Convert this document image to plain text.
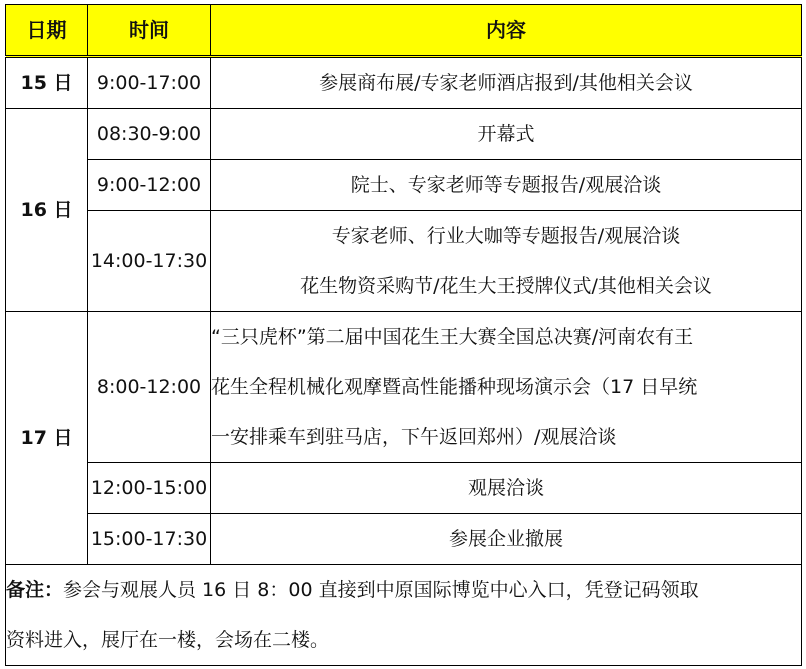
日期	时间	内容
15 日	9:00-17:00	参展商布展/专家老师酒店报到/其他相关会议

16 日	08:30-9:00	开幕式

	9:00-12:00	院士、专家老师等专题报告/观展洽谈

	14:00-17:30	专家老师、行业大咖等专题报告/观展洽谈
花生物资采购节/花生大王授牌仪式/其他相关会议

17 日	8:00-12:00	“三只虎杯”第二届中国花生王大赛全国总决赛/河南农有王
花生全程机械化观摩暨高性能播种现场演示会（17 日早统
一安排乘车到驻马店，下午返回郑州）/观展洽谈

	12:00-15:00	观展洽谈

	15:00-17:30	参展企业撤展

备注：参会与观展人员 16 日 8：00 直接到中原国际博览中心入口，凭登记码领取
资料进入，展厅在一楼，会场在二楼。		
